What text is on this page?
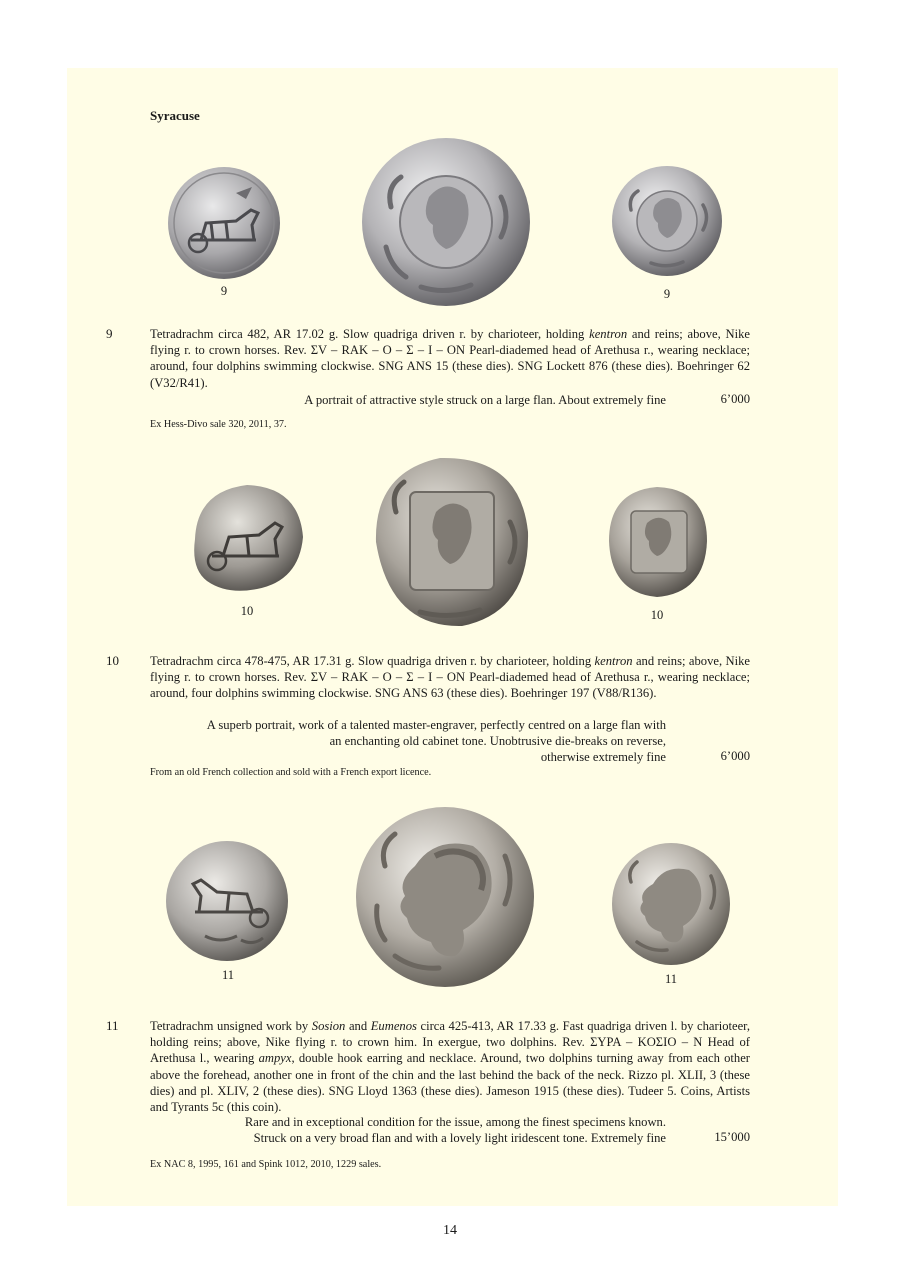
Syracuse
9	9
9	Tetradrachm circa 482, AR 17.02 g. Slow quadriga driven r. by charioteer, holding kentron and reins; above, Nike flying r. to crown horses. Rev. ΣV – RAK – O – Σ – I – ON Pearl-diademed head of Arethusa r., wearing necklace; around, four dolphins swimming clockwise. SNG ANS 15 (these dies). SNG Lockett 876 (these dies). Boehringer 62 (V32/R41).
A portrait of attractive style struck on a large flan. About extremely fine	6’000
Ex Hess-Divo sale 320, 2011, 37.
10	10
10 Tetradrachm circa 478-475, AR 17.31 g. Slow quadriga driven r. by charioteer, holding kentron and reins; above, Nike flying r. to crown horses. Rev. ΣV – RAK – O – Σ – I – ON Pearl-diademed head of Arethusa r., wearing necklace; around, four dolphins swimming clockwise. SNG ANS 63 (these dies). Boehringer 197 (V88/R136).
A superb portrait, work of a talented master-engraver, perfectly centred on a large flan with
an enchanting old cabinet tone. Unobtrusive die-breaks on reverse,
otherwise extremely fine	6’000
From an old French collection and sold with a French export licence.
11	11
11 Tetradrachm unsigned work by Sosion and Eumenos circa 425-413, AR 17.33 g. Fast quadriga driven l. by charioteer, holding reins; above, Nike flying r. to crown him. In exergue, two dolphins. Rev. ΣYPA – KOΣIO – N Head of Arethusa l., wearing ampyx, double hook earring and necklace. Around, two dolphins turning away from each other above the forehead, another one in front of the chin and the last behind the back of the neck. Rizzo pl. XLII, 3 (these dies) and pl. XLIV, 2 (these dies). SNG Lloyd 1363 (these dies). Jameson 1915 (these dies). Tudeer 5. Coins, Artists and Tyrants 5c (this coin).
Rare and in exceptional condition for the issue, among the finest specimens known.
Struck on a very broad flan and with a lovely light iridescent tone. Extremely fine	15’000
Ex NAC 8, 1995, 161 and Spink 1012, 2010, 1229 sales.
14
